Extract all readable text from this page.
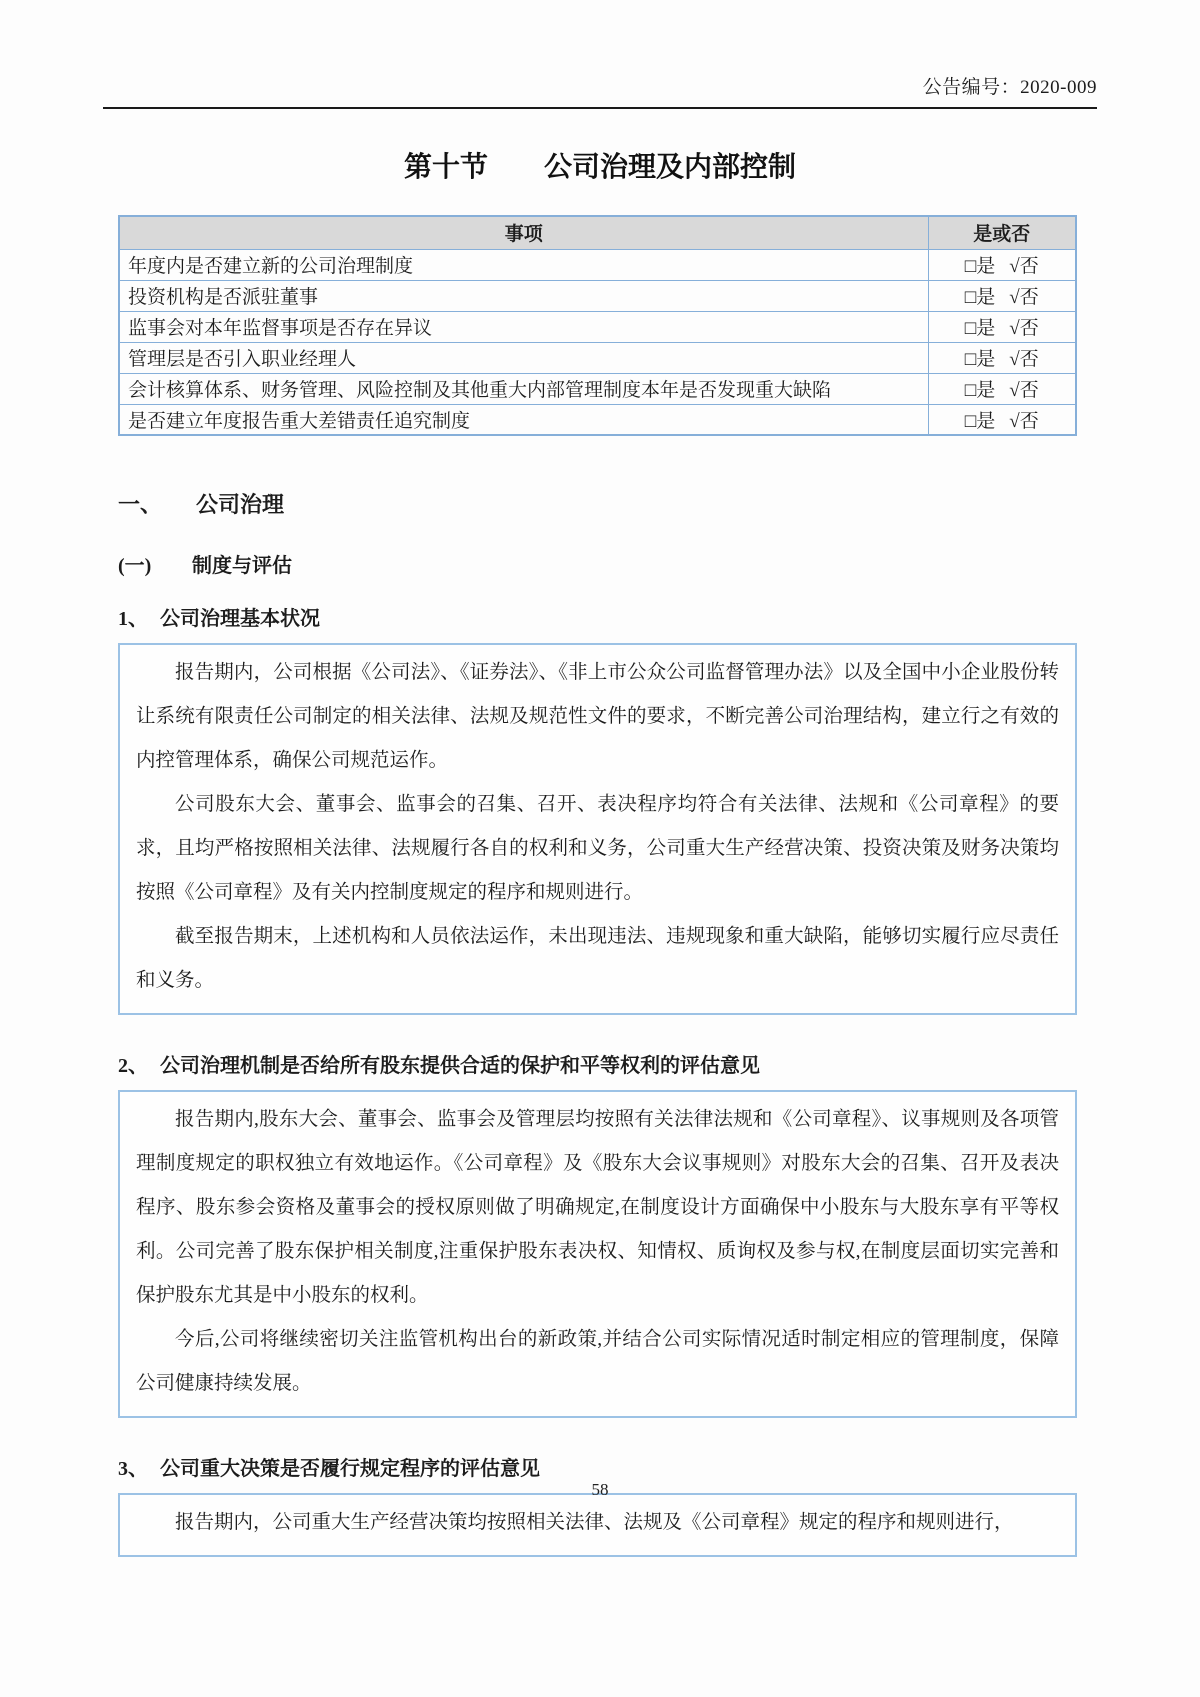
公告编号：2020-009
第十节 公司治理及内部控制
事项	是或否
年度内是否建立新的公司治理制度	□是 √否
投资机构是否派驻董事	□是 √否
监事会对本年监督事项是否存在异议	□是 √否
管理层是否引入职业经理人	□是 √否
会计核算体系、财务管理、风险控制及其他重大内部管理制度本年是否发现重大缺陷	□是 √否
是否建立年度报告重大差错责任追究制度	□是 √否
一、	公司治理
(一)	制度与评估
1、 公司治理基本状况

报告期内，公司根据《公司法》、《证券法》、《非上市公众公司监督管理办法》以及全国中小企业股份转让系统有限责任公司制定的相关法律、法规及规范性文件的要求，不断完善公司治理结构，建立行之有效的内控管理体系，确保公司规范运作。

公司股东大会、董事会、监事会的召集、召开、表决程序均符合有关法律、法规和《公司章程》的要求，且均严格按照相关法律、法规履行各自的权利和义务，公司重大生产经营决策、投资决策及财务决策均按照《公司章程》及有关内控制度规定的程序和规则进行。

截至报告期末，上述机构和人员依法运作，未出现违法、违规现象和重大缺陷，能够切实履行应尽责任和义务。

2、 公司治理机制是否给所有股东提供合适的保护和平等权利的评估意见

报告期内,股东大会、董事会、监事会及管理层均按照有关法律法规和《公司章程》、议事规则及各项管理制度规定的职权独立有效地运作。《公司章程》及《股东大会议事规则》对股东大会的召集、召开及表决程序、股东参会资格及董事会的授权原则做了明确规定,在制度设计方面确保中小股东与大股东享有平等权利。公司完善了股东保护相关制度,注重保护股东表决权、知情权、质询权及参与权,在制度层面切实完善和保护股东尤其是中小股东的权利。

今后,公司将继续密切关注监管机构出台的新政策,并结合公司实际情况适时制定相应的管理制度，保障公司健康持续发展。

3、 公司重大决策是否履行规定程序的评估意见

报告期内，公司重大生产经营决策均按照相关法律、法规及《公司章程》规定的程序和规则进行，

58
